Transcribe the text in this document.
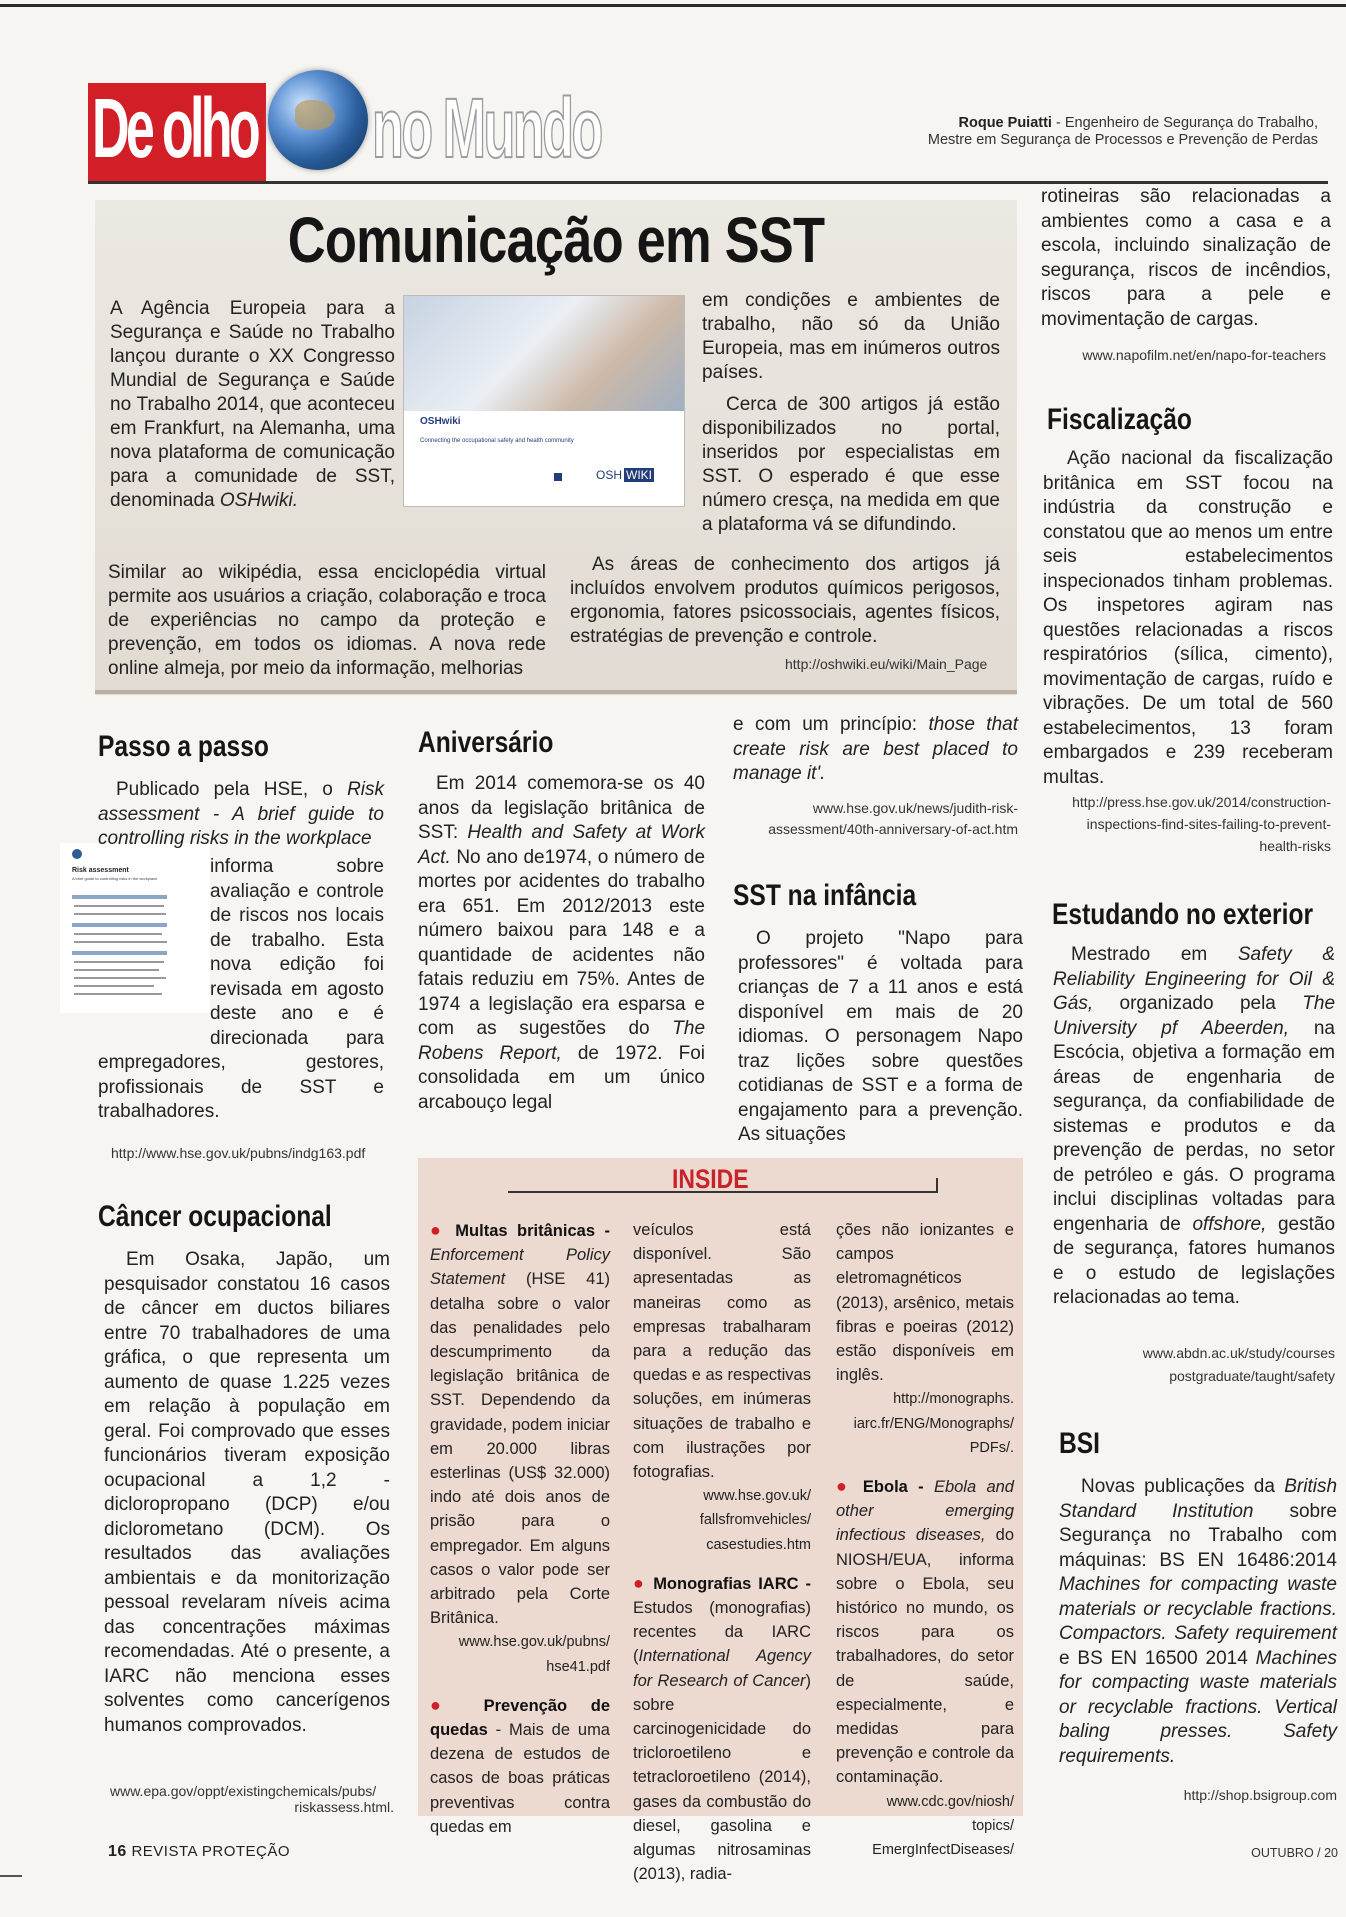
De olho no Mundo	Roque Puiatti - Engenheiro de Segurança do Trabalho,
Mestre em Segurança de Processos e Prevenção de Perdas
Comunicação em SST
A Agência Europeia para a Segurança e Saúde no Trabalho lançou durante o XX Congresso Mundial de Segurança e Saúde no Trabalho 2014, que aconteceu em Frankfurt, na Alemanha, uma nova plataforma de comunicação para a comunidade de SST, denominada OSHwiki.
OSHwiki
Connecting the occupational safety and health community
OSH WIKI
Similar ao wikipédia, essa enciclopédia virtual permite aos usuários a criação, colaboração e troca de experiências no campo da proteção e prevenção, em todos os idiomas. A nova rede online almeja, por meio da informação, melhorias
em condições e ambientes de trabalho, não só da União Europeia, mas em inúmeros outros países.
Cerca de 300 artigos já estão disponibilizados no portal, inseridos por especialistas em SST. O esperado é que esse número cresça, na medida em que a plataforma vá se difundindo.
As áreas de conhecimento dos artigos já incluídos envolvem produtos químicos perigosos, ergonomia, fatores psicossociais, agentes físicos, estratégias de prevenção e controle.
http://oshwiki.eu/wiki/Main_Page
Passo a passo
Risk assessment
A brief guide to controlling risks in the workplace
Publicado pela HSE, o Risk assessment - A brief guide to controlling risks in the workplace
informa sobre avaliação e controle de riscos nos locais de trabalho. Esta nova edição foi revisada em agosto deste ano e é direcionada para empregadores, gestores, profissionais de SST e trabalhadores.
http://www.hse.gov.uk/pubns/indg163.pdf
Câncer ocupacional
Em Osaka, Japão, um pesquisador constatou 16 casos de câncer em ductos biliares entre 70 trabalhadores de uma gráfica, o que representa um aumento de quase 1.225 vezes em relação à população em geral. Foi comprovado que esses funcionários tiveram exposição ocupacional a 1,2 - dicloropropano (DCP) e/ou diclorometano (DCM). Os resultados das avaliações ambientais e da monitorização pessoal revelaram níveis acima das concentrações máximas recomendadas. Até o presente, a IARC não menciona esses solventes como cancerígenos humanos comprovados.
www.epa.gov/oppt/existingchemicals/pubs/
riskassess.html.
Aniversário
Em 2014 comemora-se os 40 anos da legislação britânica de SST: Health and Safety at Work Act. No ano de1974, o número de mortes por acidentes do trabalho era 651. Em 2012/2013 este número baixou para 148 e a quantidade de acidentes não fatais reduziu em 75%. Antes de 1974 a legislação era esparsa e com as sugestões do The Robens Report, de 1972. Foi consolidada em um único arcabouço legal
e com um princípio: those that create risk are best placed to manage it'.
www.hse.gov.uk/news/judith-risk-
assessment/40th-anniversary-of-act.htm
SST na infância
O projeto "Napo para professores" é voltada para crianças de 7 a 11 anos e está disponível em mais de 20 idiomas. O personagem Napo traz lições sobre questões cotidianas de SST e a forma de engajamento para a prevenção. As situações
rotineiras são relacionadas a ambientes como a casa e a escola, incluindo sinalização de segurança, riscos de incêndios, riscos para a pele e movimentação de cargas.
www.napofilm.net/en/napo-for-teachers
Fiscalização
Ação nacional da fiscalização britânica em SST focou na indústria da construção e constatou que ao menos um entre seis estabelecimentos inspecionados tinham problemas. Os inspetores agiram nas questões relacionadas a riscos respiratórios (sílica, cimento), movimentação de cargas, ruído e vibrações. De um total de 560 estabelecimentos, 13 foram embargados e 239 receberam multas.
http://press.hse.gov.uk/2014/construction-
inspections-find-sites-failing-to-prevent-
health-risks
Estudando no exterior
Mestrado em Safety & Reliability Engineering for Oil & Gás, organizado pela The University pf Abeerden, na Escócia, objetiva a formação em áreas de engenharia de segurança, da confiabilidade de sistemas e produtos e da prevenção de perdas, no setor de petróleo e gás. O programa inclui disciplinas voltadas para engenharia de offshore, gestão de segurança, fatores humanos e o estudo de legislações relacionadas ao tema.
www.abdn.ac.uk/study/courses
postgraduate/taught/safety
BSI
Novas publicações da British Standard Institution sobre Segurança no Trabalho com máquinas: BS EN 16486:2014 Machines for compacting waste materials or recyclable fractions. Compactors. Safety requirement e BS EN 16500 2014 Machines for compacting waste materials or recyclable fractions. Vertical baling presses. Safety requirements.
http://shop.bsigroup.com
INSIDE
● Multas britânicas - Enforcement Policy Statement (HSE 41) detalha sobre o valor das penalidades pelo descumprimento da legislação britânica de SST. Dependendo da gravidade, podem iniciar em 20.000 libras esterlinas (US$ 32.000) indo até dois anos de prisão para o empregador. Em alguns casos o valor pode ser arbitrado pela Corte Britânica.
www.hse.gov.uk/pubns/
hse41.pdf
● Prevenção de quedas - Mais de uma dezena de estudos de casos de boas práticas preventivas contra quedas em
veículos está disponível. São apresentadas as maneiras como as empresas trabalharam para a redução das quedas e as respectivas soluções, em inúmeras situações de trabalho e com ilustrações por fotografias.
www.hse.gov.uk/
fallsfromvehicles/
casestudies.htm
● Monografias IARC - Estudos (monografias) recentes da IARC (International Agency for Research of Cancer) sobre carcinogenicidade do tricloroetileno e tetracloroetileno (2014), gases da combustão do diesel, gasolina e algumas nitrosaminas (2013), radia-
ções não ionizantes e campos eletromagnéticos (2013), arsênico, metais fibras e poeiras (2012) estão disponíveis em inglês.
http://monographs.
iarc.fr/ENG/Monographs/
PDFs/.
● Ebola - Ebola and other emerging infectious diseases, do NIOSH/EUA, informa sobre o Ebola, seu histórico no mundo, os riscos para os trabalhadores, do setor de saúde, especialmente, e medidas para prevenção e controle da contaminação.
www.cdc.gov/niosh/
topics/
EmergInfectDiseases/
16 REVISTA PROTEÇÃO	OUTUBRO / 20
